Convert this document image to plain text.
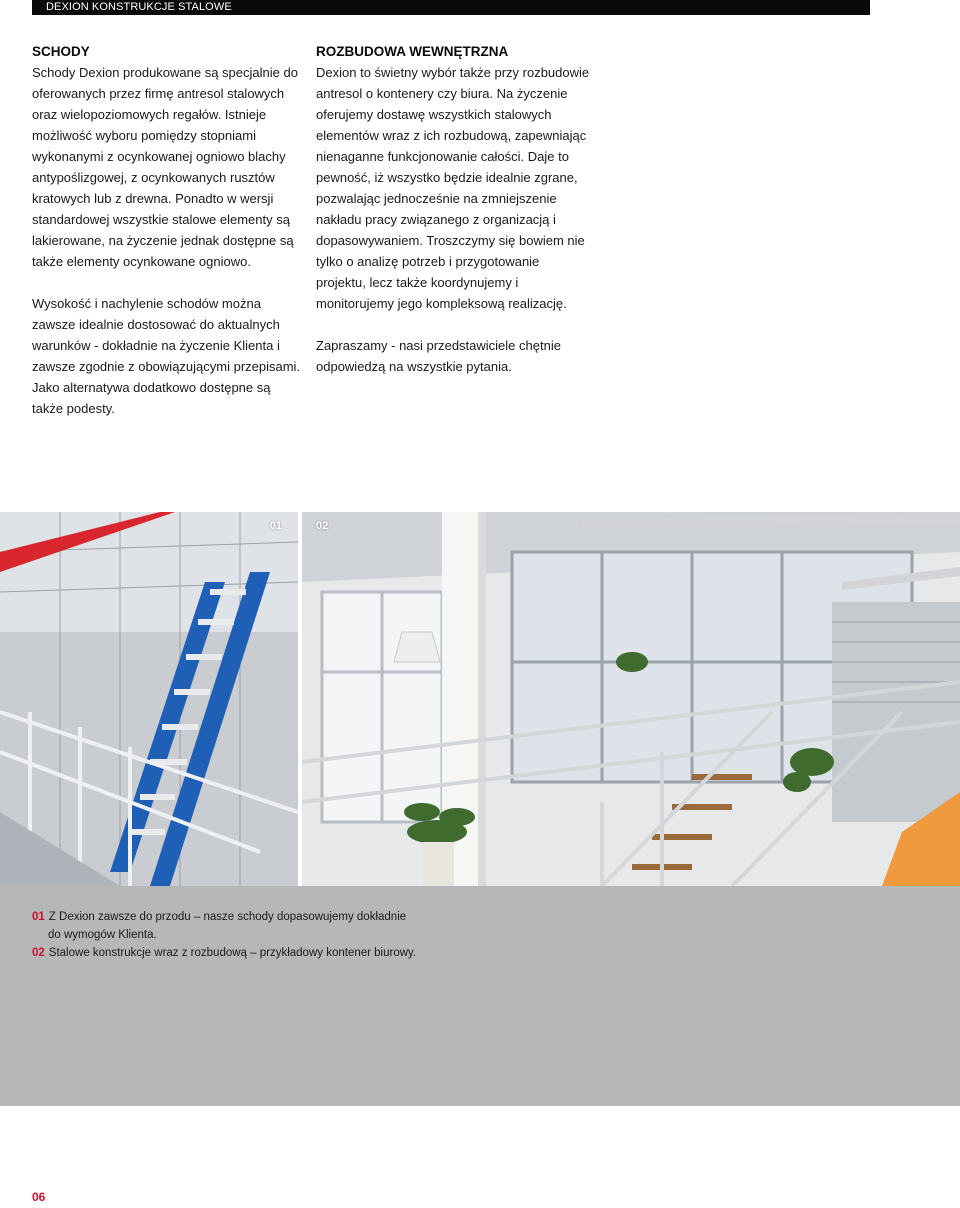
DEXION KONSTRUKCJE STALOWE
SCHODY

Schody Dexion produkowane są specjalnie do oferowanych przez firmę antresol stalowych oraz wielopoziomowych regałów. Istnieje możliwość wyboru pomiędzy stopniami wykonanymi z ocynkowanej ogniowo blachy antypoślizgowej, z ocynkowanych rusztów kratowych lub z drewna. Ponadto w wersji standardowej wszystkie stalowe elementy są lakierowane, na życzenie jednak dostępne są także elementy ocynkowane ogniowo.

Wysokość i nachylenie schodów można zawsze idealnie dostosować do aktualnych warunków - dokładnie na życzenie Klienta i zawsze zgodnie z obowiązującymi przepisami. Jako alternatywa dodatkowo dostępne są także podesty.

ROZBUDOWA WEWNĘTRZNA

Dexion to świetny wybór także przy rozbudowie antresol o kontenery czy biura. Na życzenie oferujemy dostawę wszystkich stalowych elementów wraz z ich rozbudową, zapewniając nienaganne funkcjonowanie całości. Daje to pewność, iż wszystko będzie idealnie zgrane, pozwalając jednocześnie na zmniejszenie nakładu pracy związanego z organizacją i dopasowywaniem. Troszczymy się bowiem nie tylko o analizę potrzeb i przygotowanie projektu, lecz także koordynujemy i monitorujemy jego kompleksową realizację.

Zapraszamy - nasi przedstawiciele chętnie odpowiedzą na wszystkie pytania.

01	02
01 Z Dexion zawsze do przodu – nasze schody dopasowujemy dokładnie
do wymogów Klienta.
02 Stalowe konstrukcje wraz z rozbudową – przykładowy kontener biurowy.
06
